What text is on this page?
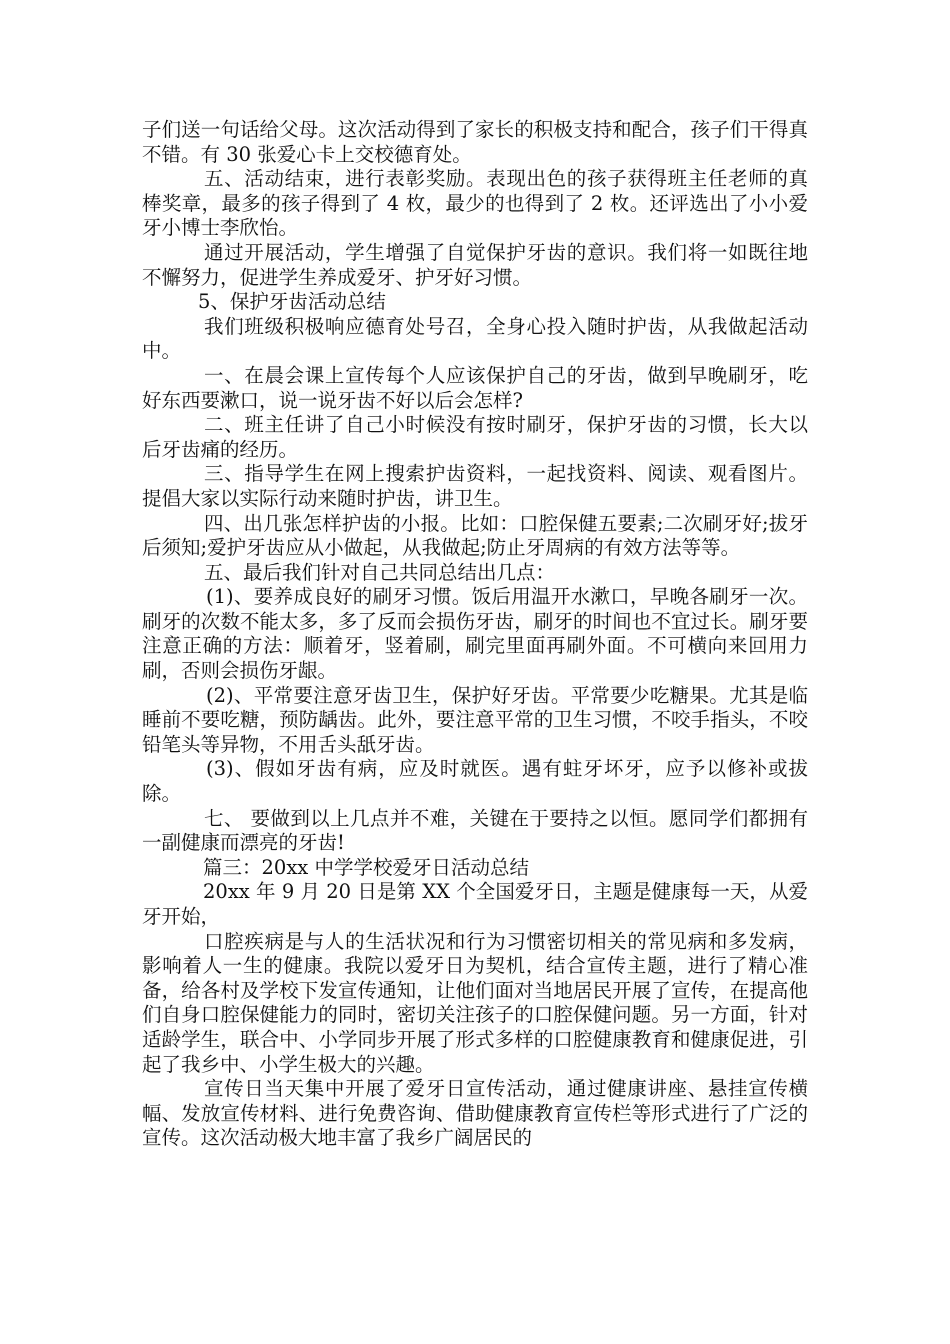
子们送一句话给父母。这次活动得到了家长的积极支持和配合，孩子们干得真不错。有 30 张爱心卡上交校德育处。

五、活动结束，进行表彰奖励。表现出色的孩子获得班主任老师的真棒奖章，最多的孩子得到了 4 枚，最少的也得到了 2 枚。还评选出了小小爱牙小博士李欣怡。

通过开展活动，学生增强了自觉保护牙齿的意识。我们将一如既往地不懈努力，促进学生养成爱牙、护牙好习惯。

5、保护牙齿活动总结

我们班级积极响应德育处号召，全身心投入随时护齿，从我做起活动中。

一、在晨会课上宣传每个人应该保护自己的牙齿，做到早晚刷牙，吃好东西要漱口，说一说牙齿不好以后会怎样?

二、班主任讲了自己小时候没有按时刷牙，保护牙齿的习惯，长大以后牙齿痛的经历。

三、指导学生在网上搜索护齿资料，一起找资料、阅读、观看图片。提倡大家以实际行动来随时护齿，讲卫生。

四、出几张怎样护齿的小报。比如：口腔保健五要素;二次刷牙好;拔牙后须知;爱护牙齿应从小做起，从我做起;防止牙周病的有效方法等等。

五、最后我们针对自己共同总结出几点：

(1)、要养成良好的刷牙习惯。饭后用温开水漱口，早晚各刷牙一次。刷牙的次数不能太多，多了反而会损伤牙齿，刷牙的时间也不宜过长。刷牙要注意正确的方法：顺着牙，竖着刷，刷完里面再刷外面。不可横向来回用力刷，否则会损伤牙龈。

(2)、平常要注意牙齿卫生，保护好牙齿。平常要少吃糖果。尤其是临睡前不要吃糖，预防龋齿。此外，要注意平常的卫生习惯，不咬手指头，不咬铅笔头等异物，不用舌头舐牙齿。

(3)、假如牙齿有病，应及时就医。遇有蛀牙坏牙，应予以修补或拔除。

七、 要做到以上几点并不难，关键在于要持之以恒。愿同学们都拥有一副健康而漂亮的牙齿!

篇三：20xx 中学学校爱牙日活动总结

20xx 年 9 月 20 日是第 XX 个全国爱牙日，主题是健康每一天，从爱牙开始，

口腔疾病是与人的生活状况和行为习惯密切相关的常见病和多发病，影响着人一生的健康。我院以爱牙日为契机，结合宣传主题，进行了精心准备，给各村及学校下发宣传通知，让他们面对当地居民开展了宣传，在提高他们自身口腔保健能力的同时，密切关注孩子的口腔保健问题。另一方面，针对适龄学生，联合中、小学同步开展了形式多样的口腔健康教育和健康促进，引起了我乡中、小学生极大的兴趣。

宣传日当天集中开展了爱牙日宣传活动，通过健康讲座、悬挂宣传横幅、发放宣传材料、进行免费咨询、借助健康教育宣传栏等形式进行了广泛的宣传。这次活动极大地丰富了我乡广阔居民的
